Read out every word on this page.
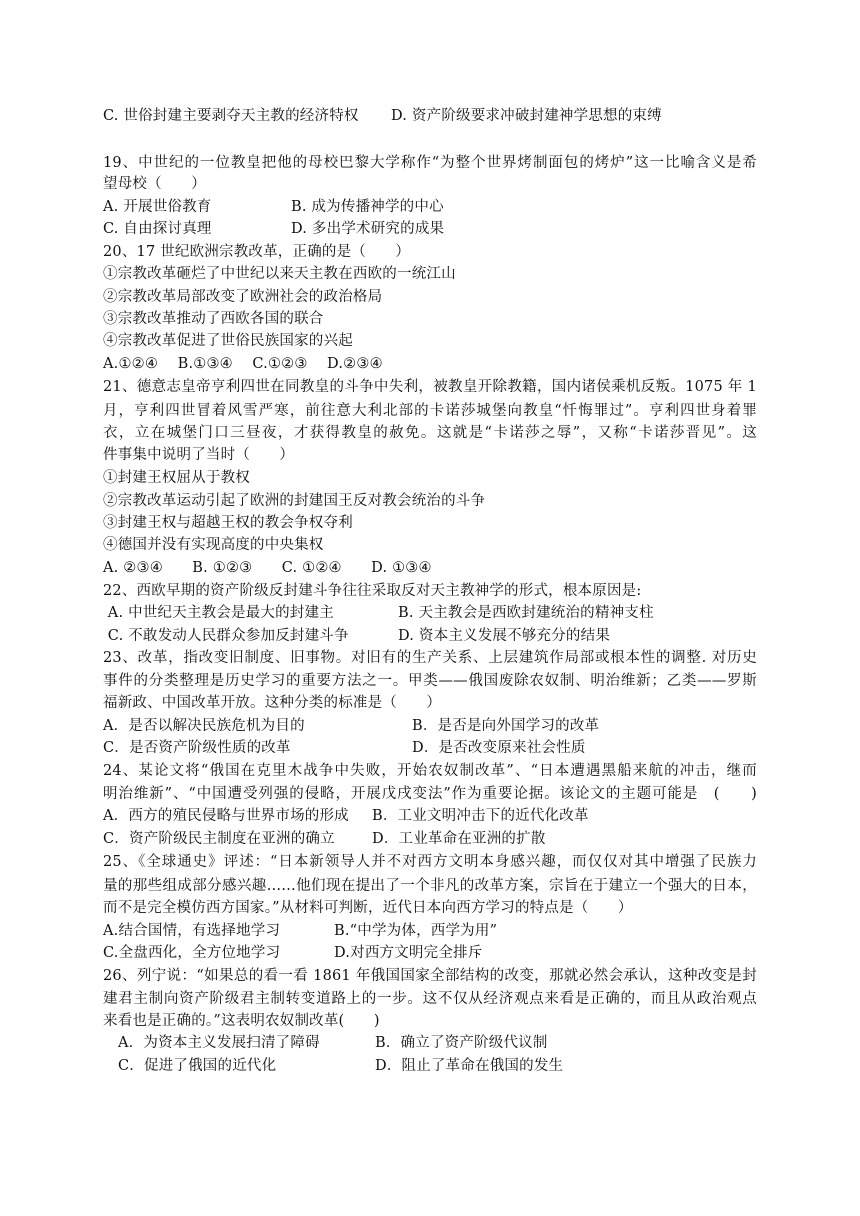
C. 世俗封建主要剥夺天主教的经济特权 D. 资产阶级要求冲破封建神学思想的束缚
19、中世纪的一位教皇把他的母校巴黎大学称作“为整个世界烤制面包的烤炉”这一比喻含义是希
望母校（　　）
A. 开展世俗教育	B. 成为传播神学的中心
C. 自由探讨真理	D. 多出学术研究的成果
20、17 世纪欧洲宗教改革，正确的是（　　）
①宗教改革砸烂了中世纪以来天主教在西欧的一统江山
②宗教改革局部改变了欧洲社会的政治格局
③宗教改革推动了西欧各国的联合
④宗教改革促进了世俗民族国家的兴起
A.①②④　 B.①③④　 C.①②③　 D.②③④
21、德意志皇帝亨利四世在同教皇的斗争中失利，被教皇开除教籍，国内诸侯乘机反叛。1075 年 1
月，亨利四世冒着风雪严寒，前往意大利北部的卡诺莎城堡向教皇“忏悔罪过”。亨利四世身着罪
衣，立在城堡门口三昼夜，才获得教皇的赦免。这就是“卡诺莎之辱”，又称“卡诺莎晋见”。这
件事集中说明了当时（　　）
①封建王权屈从于教权
②宗教改革运动引起了欧洲的封建国王反对教会统治的斗争
③封建王权与超越王权的教会争权夺利
④德国并没有实现高度的中央集权
A. ②③④　　B. ①②③　　C. ①②④　　D. ①③④
22、西欧早期的资产阶级反封建斗争往往采取反对天主教神学的形式，根本原因是:
A. 中世纪天主教会是最大的封建主	B. 天主教会是西欧封建统治的精神支柱
C. 不敢发动人民群众参加反封建斗争	D. 资本主义发展不够充分的结果
23、改革，指改变旧制度、旧事物。对旧有的生产关系、上层建筑作局部或根本性的调整. 对历史
事件的分类整理是历史学习的重要方法之一。甲类——俄国废除农奴制、明治维新；乙类——罗斯
福新政、中国改革开放。这种分类的标准是（　　）
A．是否以解决民族危机为目的	B．是否是向外国学习的改革
C．是否资产阶级性质的改革	D．是否改变原来社会性质
24、某论文将“俄国在克里木战争中失败，开始农奴制改革”、“日本遭遇黑船来航的冲击，继而
明治维新”、“中国遭受列强的侵略，开展戊戌变法”作为重要论据。该论文的主题可能是　(　　)
A．西方的殖民侵略与世界市场的形成 B．工业文明冲击下的近代化改革
C．资产阶级民主制度在亚洲的确立	D．工业革命在亚洲的扩散
25、《全球通史》评述：“日本新领导人并不对西方文明本身感兴趣，而仅仅对其中增强了民族力
量的那些组成部分感兴趣……他们现在提出了一个非凡的改革方案，宗旨在于建立一个强大的日本，
而不是完全模仿西方国家。”从材料可判断，近代日本向西方学习的特点是（　　）
A.结合国情，有选择地学习	B.“中学为体，西学为用”
C.全盘西化，全方位地学习	D.对西方文明完全排斥
26、列宁说：“如果总的看一看 1861 年俄国国家全部结构的改变，那就必然会承认，这种改变是封
建君主制向资产阶级君主制转变道路上的一步。这不仅从经济观点来看是正确的，而且从政治观点
来看也是正确的。”这表明农奴制改革(　　)
A．为资本主义发展扫清了障碍	B．确立了资产阶级代议制
C．促进了俄国的近代化	D．阻止了革命在俄国的发生
